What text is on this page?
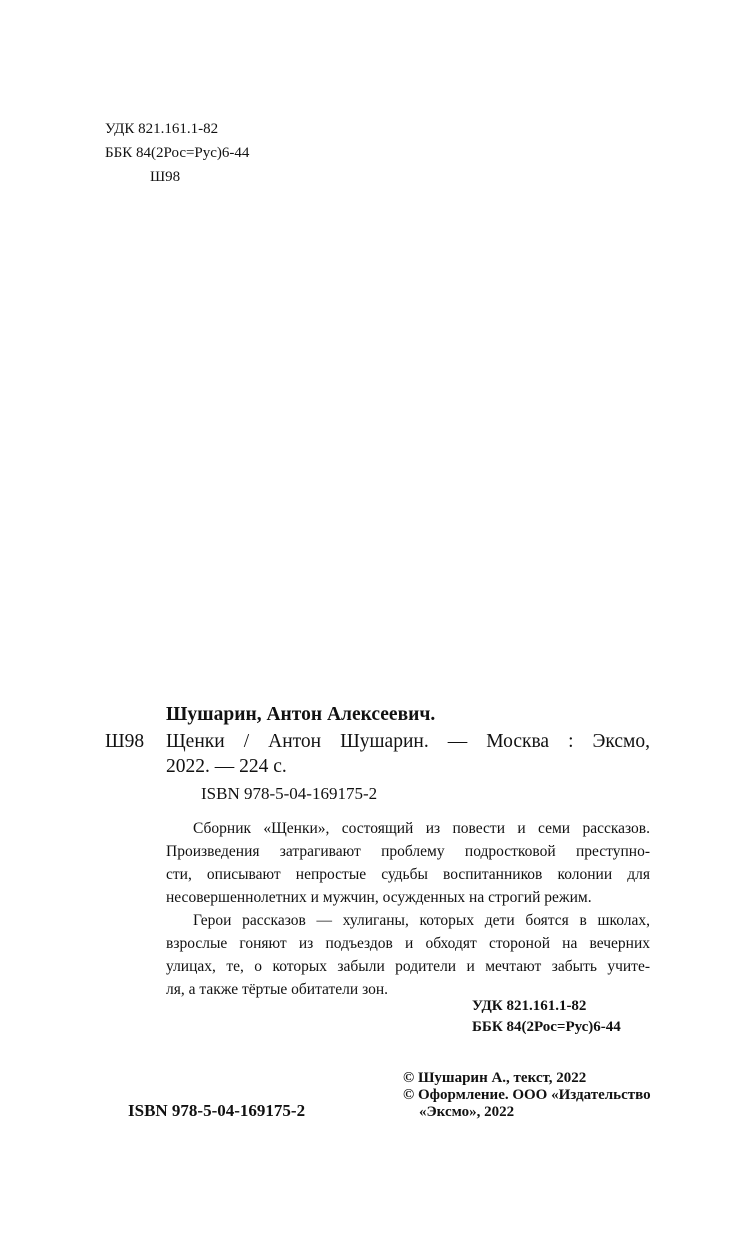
УДК 821.161.1-82
ББК 84(2Рос=Рус)6-44
Ш98
Шушарин, Антон Алексеевич.
Ш98 Щенки / Антон Шушарин. — Москва : Эксмо,
2022. — 224 с.
ISBN 978-5-04-169175-2
Сборник «Щенки», состоящий из повести и семи рассказов.
Произведения затрагивают проблему подростковой преступно-
сти, описывают непростые судьбы воспитанников колонии для
несовершеннолетних и мужчин, осужденных на строгий режим.
Герои рассказов — хулиганы, которых дети боятся в школах,
взрослые гоняют из подъездов и обходят стороной на вечерних
улицах, те, о которых забыли родители и мечтают забыть учите-
ля, а также тёртые обитатели зон.
УДК 821.161.1-82
ББК 84(2Рос=Рус)6-44
© Шушарин А., текст, 2022
© Оформление. ООО «Издательство
«Эксмо», 2022
ISBN 978-5-04-169175-2
